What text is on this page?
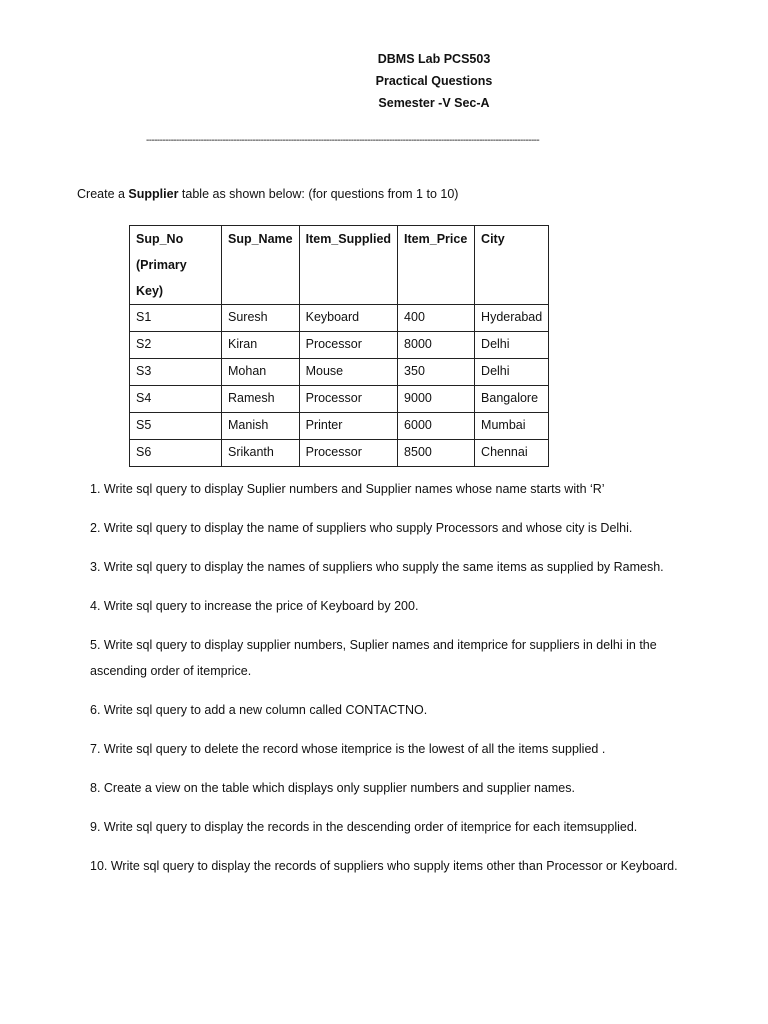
DBMS Lab PCS503
Practical Questions
Semester -V Sec-A
------------------------------------------------------------------------------------------------------------------------------------------------
Create a Supplier table as shown below: (for questions from 1 to 10)
Sup_No
(Primary Key)	Sup_Name	Item_Supplied	Item_Price	City
S1	Suresh	Keyboard	400	Hyderabad
S2	Kiran	Processor	8000	Delhi
S3	Mohan	Mouse	350	Delhi
S4	Ramesh	Processor	9000	Bangalore
S5	Manish	Printer	6000	Mumbai
S6	Srikanth	Processor	8500	Chennai
1. Write sql query to display Suplier numbers and Supplier names whose name starts with ‘R’
2. Write sql query to display the name of suppliers who supply Processors and whose city is Delhi.
3. Write sql query to display the names of suppliers who supply the same items as supplied by Ramesh.
4. Write sql query to increase the price of Keyboard by 200.
5. Write sql query to display supplier numbers, Suplier names and itemprice for suppliers in delhi in the ascending order of itemprice.
6. Write sql query to add a new column called CONTACTNO.
7. Write sql query to delete the record whose itemprice is the lowest of all the items supplied .
8. Create a view on the table which displays only supplier numbers and supplier names.
9. Write sql query to display the records in the descending order of itemprice for each itemsupplied.
10. Write sql query to display the records of suppliers who supply items other than Processor or Keyboard.
